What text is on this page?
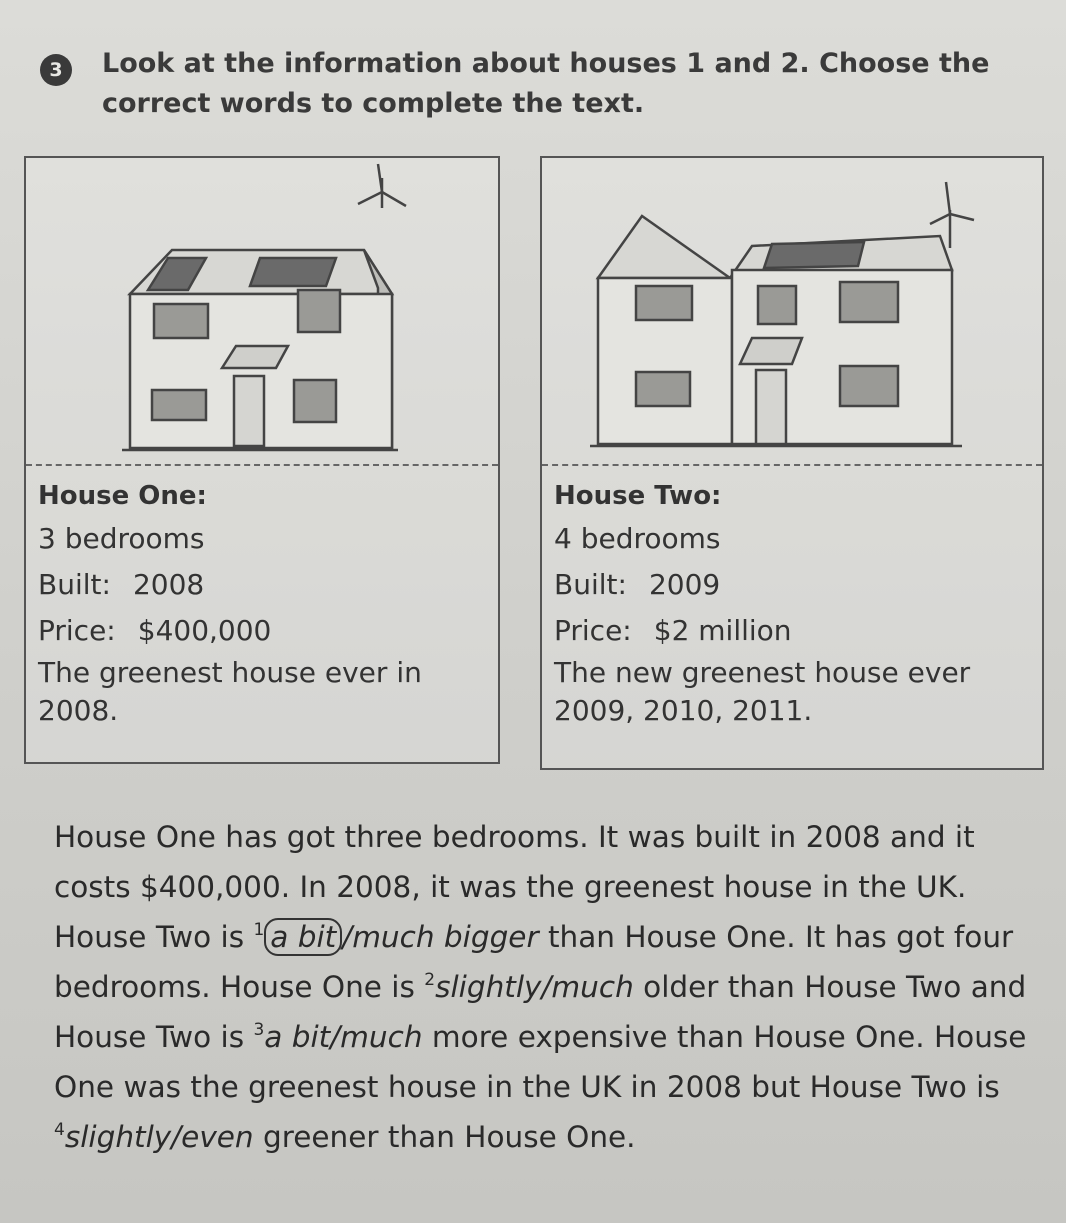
3	Look at the information about houses 1 and 2. Choose the correct words to complete the text.
House One:
3 bedrooms
Built: 2008
Price: $400,000
The greenest house ever in 2008.
House Two:
4 bedrooms
Built: 2009
Price: $2 million
The new greenest house ever 2009, 2010, 2011.

House One has got three bedrooms. It was built in 2008 and it costs $400,000. In 2008, it was the greenest house in the UK. House Two is $^1$ a bit /much bigger than House One. It has got four bedrooms. House One is $^2$slightly/much older than House Two and House Two is $^3$a bit/much more expensive than House One. House One was the greenest house in the UK in 2008 but House Two is $^4$slightly/even greener than House One.
